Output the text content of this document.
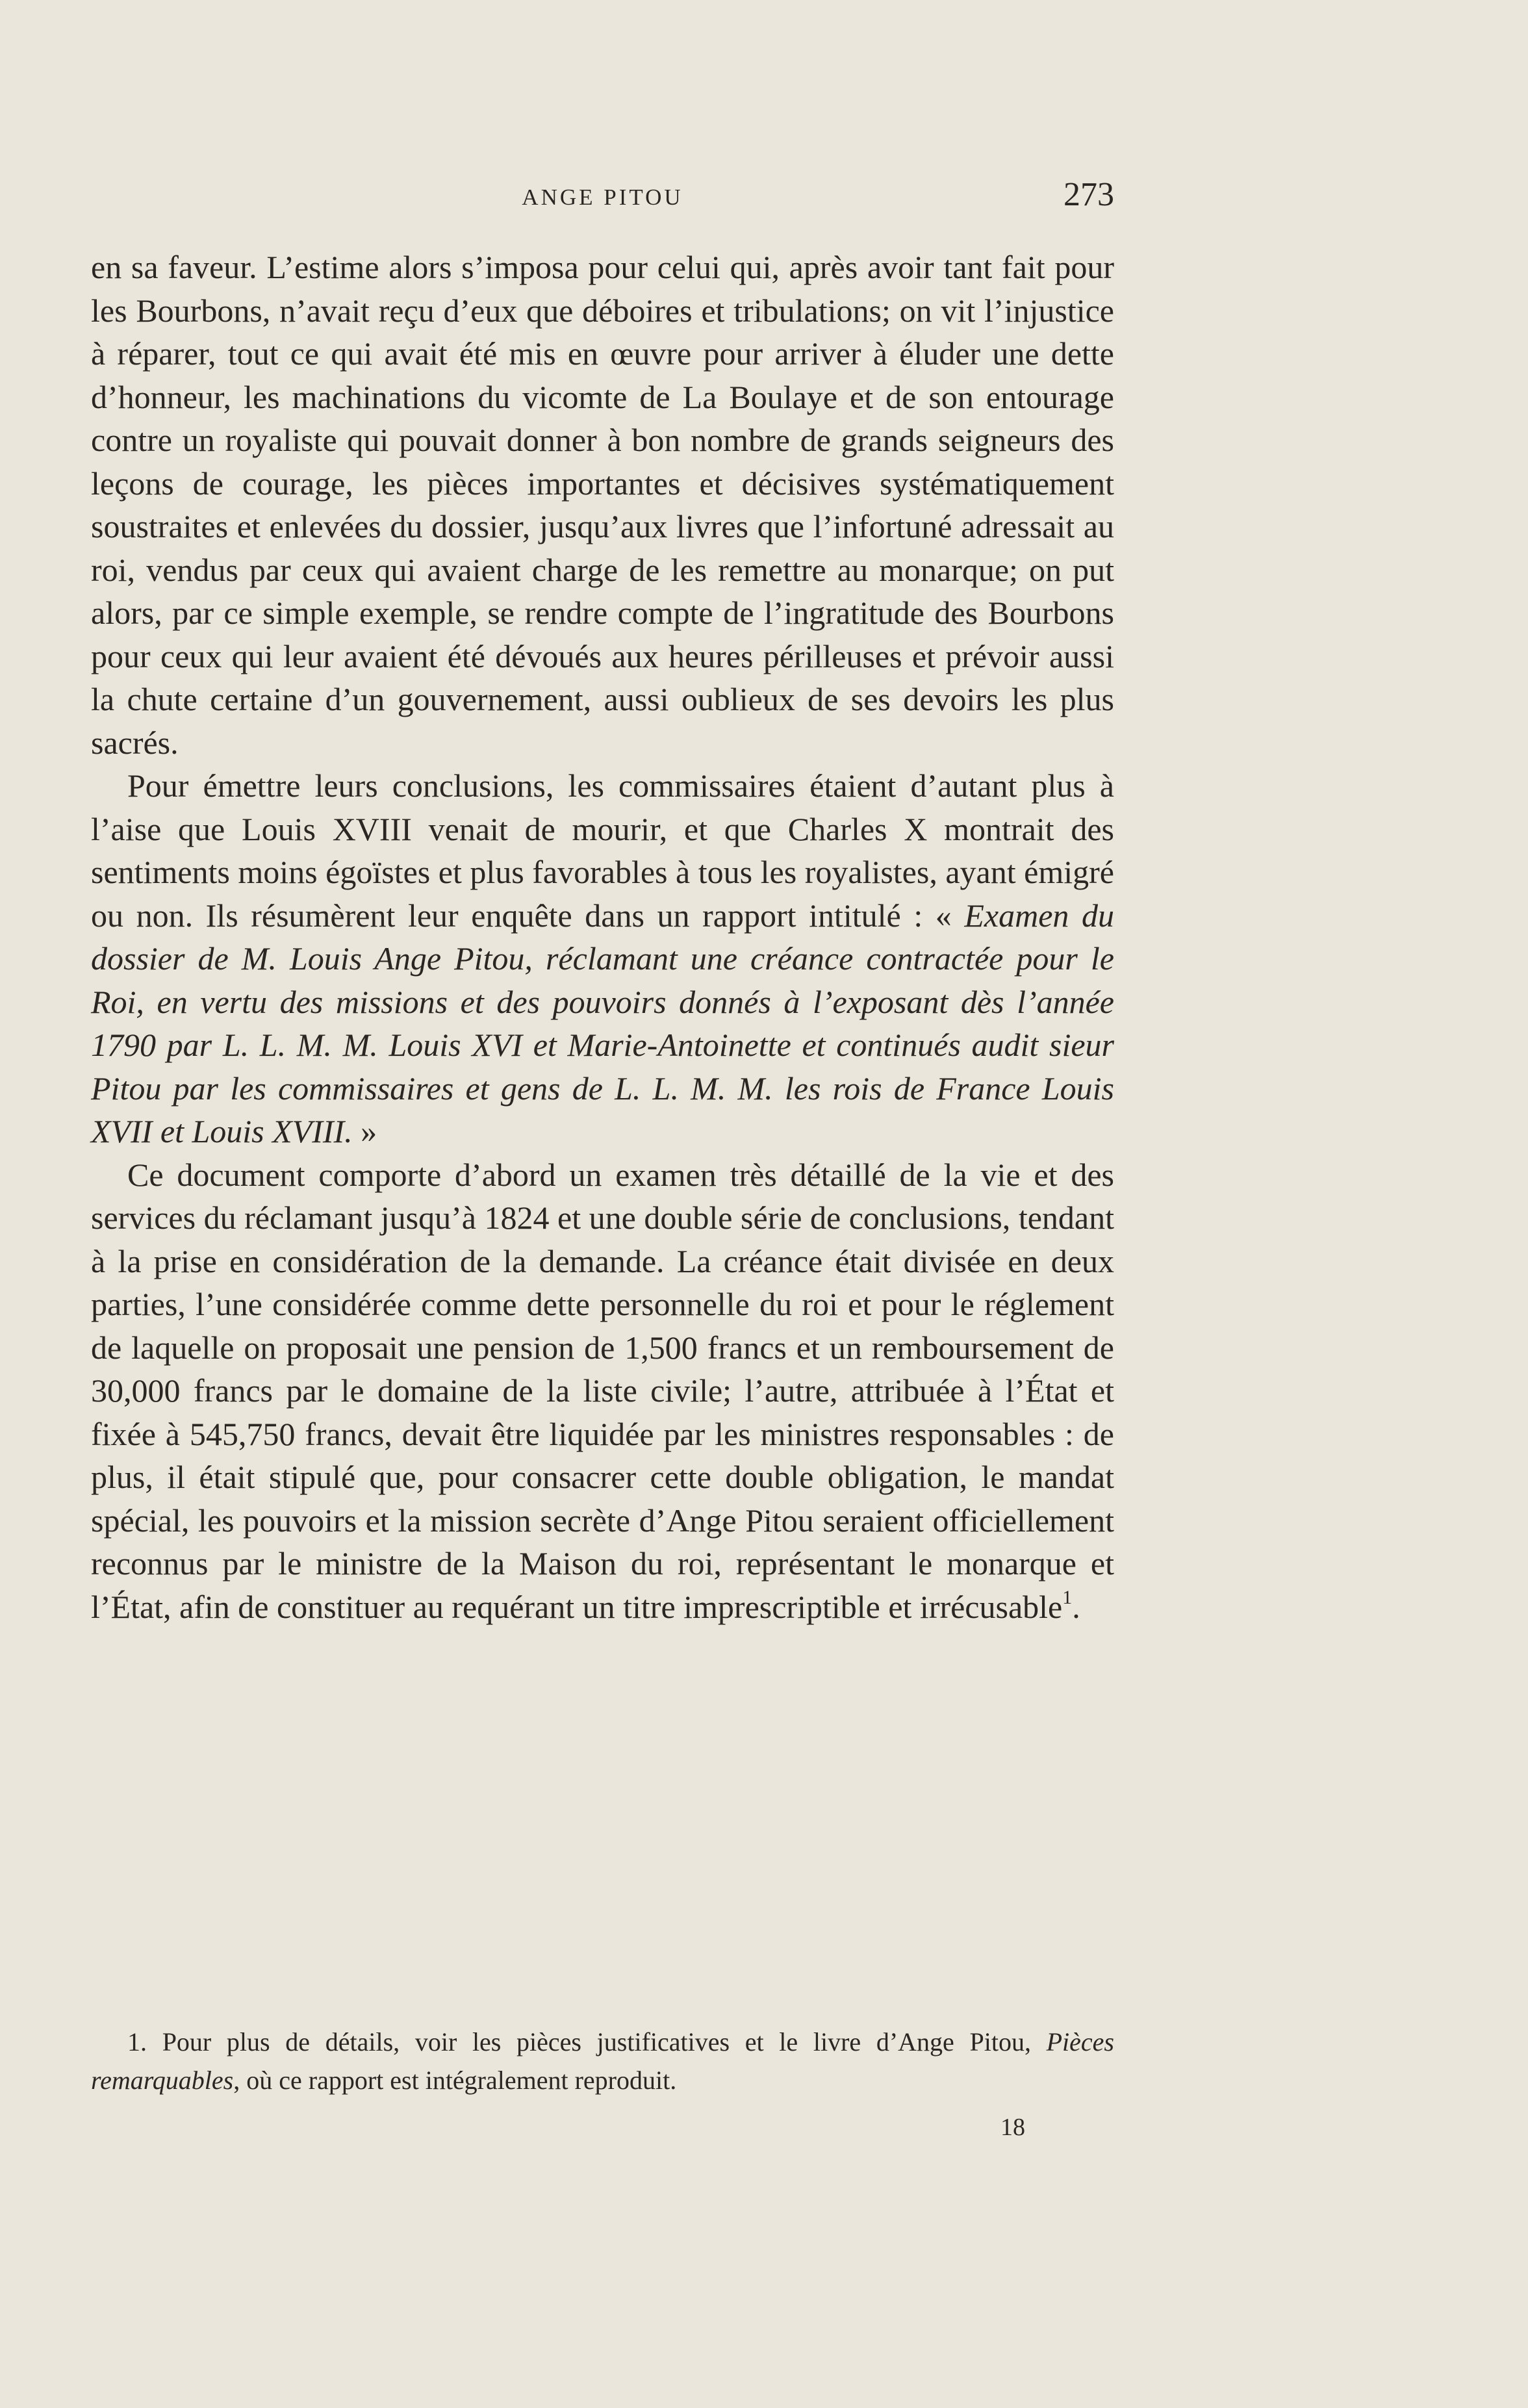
ANGE PITOU	273

en sa faveur. L’estime alors s’imposa pour celui qui, après avoir tant fait pour les Bourbons, n’avait reçu d’eux que déboires et tribulations; on vit l’injustice à réparer, tout ce qui avait été mis en œuvre pour arriver à éluder une dette d’honneur, les machinations du vicomte de La Boulaye et de son entourage contre un royaliste qui pouvait donner à bon nombre de grands seigneurs des leçons de courage, les pièces importantes et décisives systématiquement soustraites et enlevées du dossier, jusqu’aux livres que l’infortuné adressait au roi, vendus par ceux qui avaient charge de les remettre au monarque; on put alors, par ce simple exemple, se rendre compte de l’ingratitude des Bourbons pour ceux qui leur avaient été dévoués aux heures périlleuses et prévoir aussi la chute certaine d’un gouvernement, aussi oublieux de ses devoirs les plus sacrés.

Pour émettre leurs conclusions, les commissaires étaient d’autant plus à l’aise que Louis XVIII venait de mourir, et que Charles X montrait des sentiments moins égoïstes et plus favorables à tous les royalistes, ayant émigré ou non. Ils résumèrent leur enquête dans un rapport intitulé : « Examen du dossier de M. Louis Ange Pitou, réclamant une créance contractée pour le Roi, en vertu des missions et des pouvoirs donnés à l’exposant dès l’année 1790 par L. L. M. M. Louis XVI et Marie-Antoinette et continués audit sieur Pitou par les commissaires et gens de L. L. M. M. les rois de France Louis XVII et Louis XVIII. »

Ce document comporte d’abord un examen très détaillé de la vie et des services du réclamant jusqu’à 1824 et une double série de conclusions, tendant à la prise en considération de la demande. La créance était divisée en deux parties, l’une considérée comme dette personnelle du roi et pour le réglement de laquelle on proposait une pension de 1,500 francs et un remboursement de 30,000 francs par le domaine de la liste civile; l’autre, attribuée à l’État et fixée à 545,750 francs, devait être liquidée par les ministres responsables : de plus, il était stipulé que, pour consacrer cette double obligation, le mandat spécial, les pouvoirs et la mission secrète d’Ange Pitou seraient officiellement reconnus par le ministre de la Maison du roi, représentant le monarque et l’État, afin de constituer au requérant un titre imprescriptible et irrécusable$^1$.

1. Pour plus de détails, voir les pièces justificatives et le livre d’Ange Pitou, Pièces remarquables, où ce rapport est intégralement reproduit.

18
